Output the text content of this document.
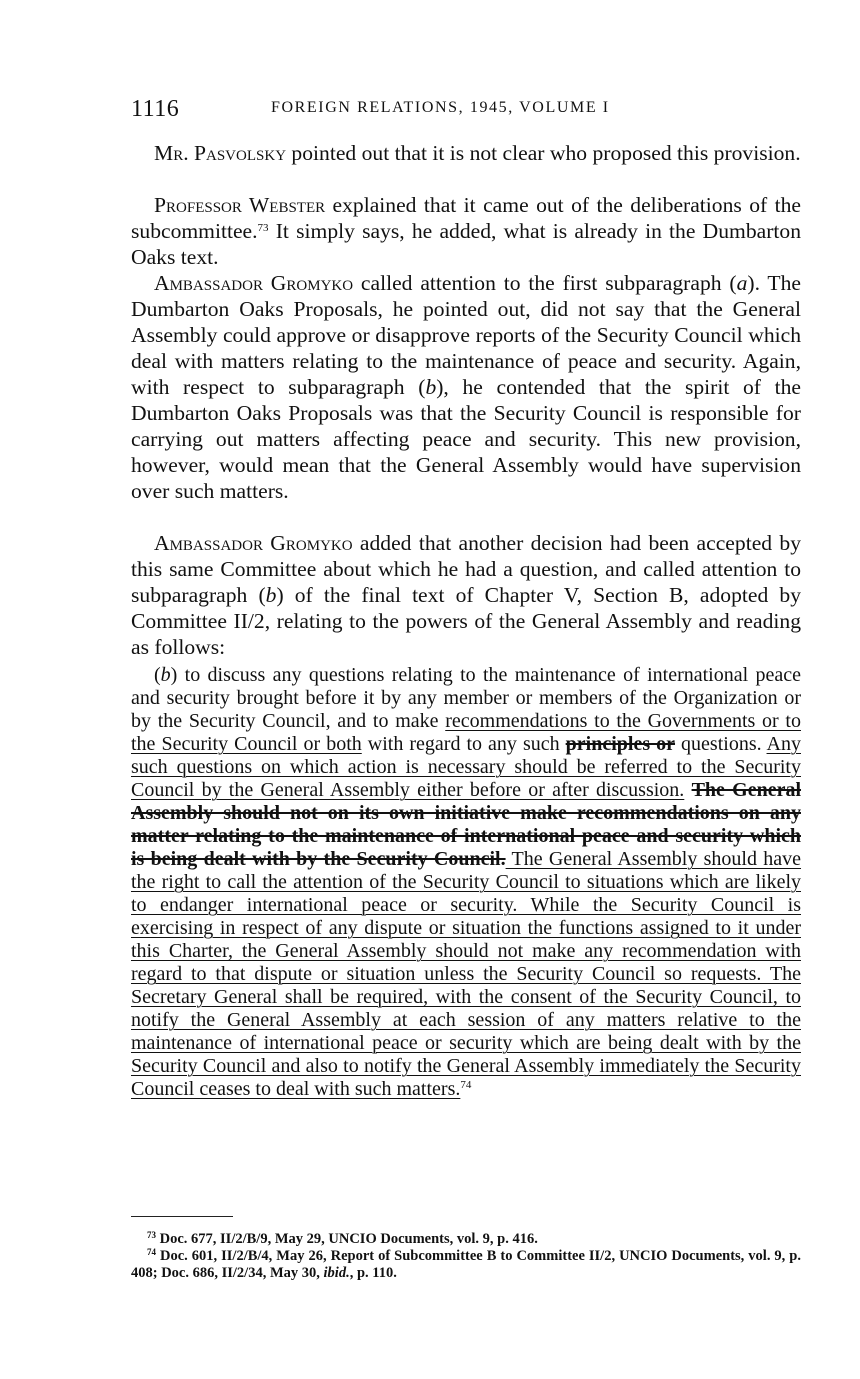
1116	FOREIGN RELATIONS, 1945, VOLUME I

Mr. Pasvolsky pointed out that it is not clear who proposed this provision.

Professor Webster explained that it came out of the deliberations of the subcommittee.$^{73}$ It simply says, he added, what is already in the Dumbarton Oaks text.

Ambassador Gromyko called attention to the first subparagraph (a). The Dumbarton Oaks Proposals, he pointed out, did not say that the General Assembly could approve or disapprove reports of the Security Council which deal with matters relating to the maintenance of peace and security. Again, with respect to subparagraph (b), he contended that the spirit of the Dumbarton Oaks Proposals was that the Security Council is responsible for carrying out matters affecting peace and security. This new provision, however, would mean that the General Assembly would have supervision over such matters.

Ambassador Gromyko added that another decision had been accepted by this same Committee about which he had a question, and called attention to subparagraph (b) of the final text of Chapter V, Section B, adopted by Committee II/2, relating to the powers of the General Assembly and reading as follows:

(b) to discuss any questions relating to the maintenance of international peace and security brought before it by any member or members of the Organization or by the Security Council, and to make recommendations to the Governments or to the Security Council or both with regard to any such principles or questions. Any such questions on which action is necessary should be referred to the Security Council by the General Assembly either before or after discussion. The General Assembly should not on its own initiative make recommendations on any matter relating to the maintenance of international peace and security which is being dealt with by the Security Council. The General Assembly should have the right to call the attention of the Security Council to situations which are likely to endanger international peace or security. While the Security Council is exercising in respect of any dispute or situation the functions assigned to it under this Charter, the General Assembly should not make any recommendation with regard to that dispute or situation unless the Security Council so requests. The Secretary General shall be required, with the consent of the Security Council, to notify the General Assembly at each session of any matters relative to the maintenance of international peace or security which are being dealt with by the Security Council and also to notify the General Assembly immediately the Security Council ceases to deal with such matters.$^{74}$

$^{73}$ Doc. 677, II/2/B/9, May 29, UNCIO Documents, vol. 9, p. 416.

$^{74}$ Doc. 601, II/2/B/4, May 26, Report of Subcommittee B to Committee II/2, UNCIO Documents, vol. 9, p. 408; Doc. 686, II/2/34, May 30, ibid., p. 110.
